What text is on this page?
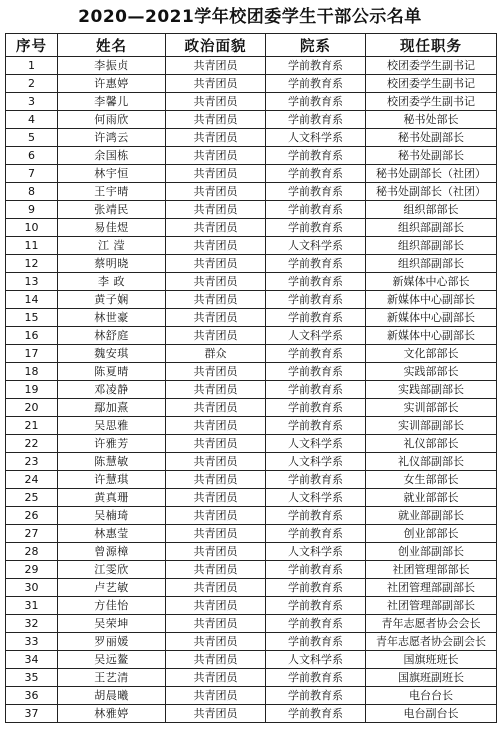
2020—2021学年校团委学生干部公示名单
序号	姓名	政治面貌	院系	现任职务
1	李振贞	共青团员	学前教育系	校团委学生副书记
2	许惠婷	共青团员	学前教育系	校团委学生副书记
3	李馨儿	共青团员	学前教育系	校团委学生副书记
4	何雨欣	共青团员	学前教育系	秘书处部长
5	许鸿云	共青团员	人文科学系	秘书处副部长
6	余国栋	共青团员	学前教育系	秘书处副部长
7	林宇恒	共青团员	学前教育系	秘书处副部长（社团）
8	王宇晴	共青团员	学前教育系	秘书处副部长（社团）
9	张靖民	共青团员	学前教育系	组织部部长
10	易佳煜	共青团员	学前教育系	组织部副部长
11	江 滢	共青团员	人文科学系	组织部副部长
12	蔡明晓	共青团员	学前教育系	组织部副部长
13	李 政	共青团员	学前教育系	新媒体中心部长
14	黄子娴	共青团员	学前教育系	新媒体中心副部长
15	林世豪	共青团员	学前教育系	新媒体中心副部长
16	林舒庭	共青团员	人文科学系	新媒体中心副部长
17	魏安琪	群众	学前教育系	文化部部长
18	陈夏晴	共青团员	学前教育系	实践部部长
19	邓凌静	共青团员	学前教育系	实践部副部长
20	鄢加熹	共青团员	学前教育系	实训部部长
21	吴思雅	共青团员	学前教育系	实训部副部长
22	许雅芳	共青团员	人文科学系	礼仪部部长
23	陈慧敏	共青团员	人文科学系	礼仪部副部长
24	许慧琪	共青团员	学前教育系	女生部部长
25	黄真珊	共青团员	人文科学系	就业部部长
26	吴楠琦	共青团员	学前教育系	就业部副部长
27	林惠莹	共青团员	学前教育系	创业部部长
28	曾源樟	共青团员	人文科学系	创业部副部长
29	江雯欣	共青团员	学前教育系	社团管理部部长
30	卢艺敏	共青团员	学前教育系	社团管理部副部长
31	方佳怡	共青团员	学前教育系	社团管理部副部长
32	吴荣坤	共青团员	学前教育系	青年志愿者协会会长
33	罗丽媛	共青团员	学前教育系	青年志愿者协会副会长
34	吴远鳌	共青团员	人文科学系	国旗班班长
35	王艺清	共青团员	学前教育系	国旗班副班长
36	胡晨曦	共青团员	学前教育系	电台台长
37	林雅婷	共青团员	学前教育系	电台副台长
